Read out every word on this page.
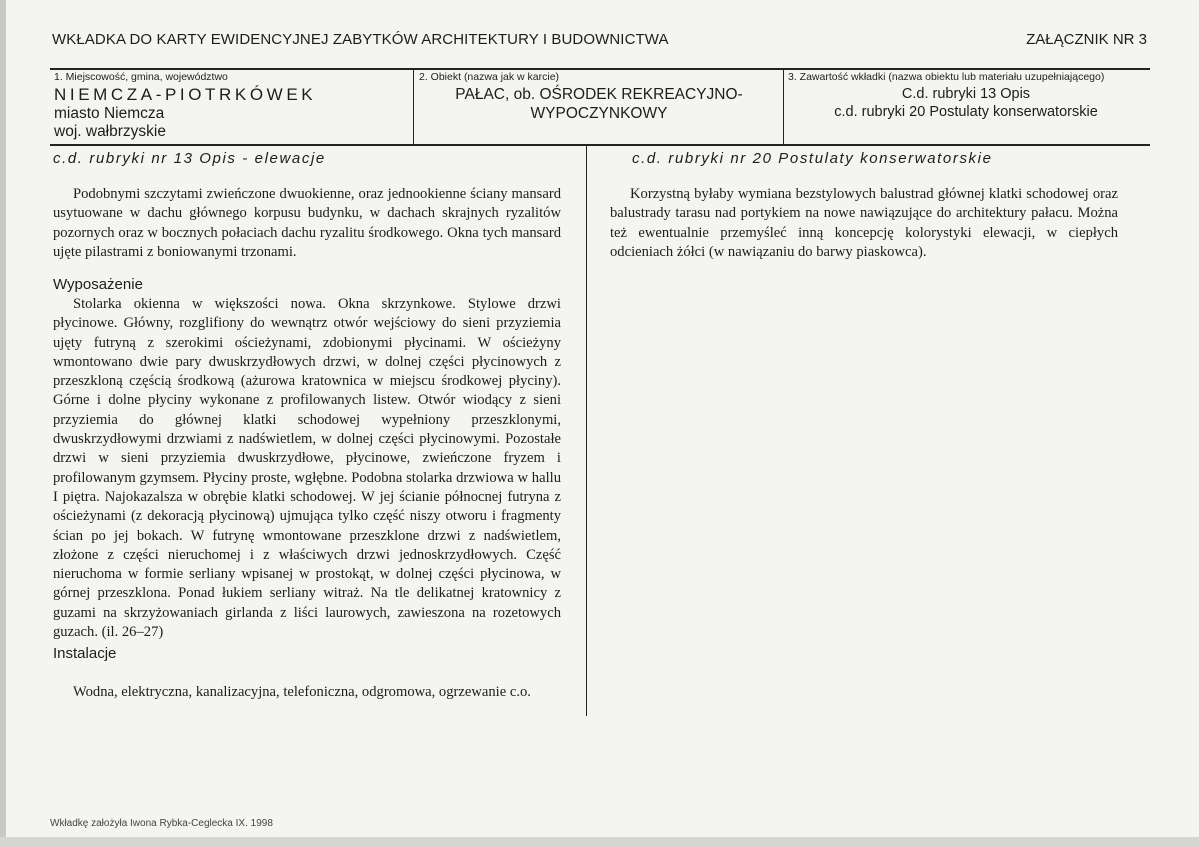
WKŁADKA DO KARTY EWIDENCYJNEJ ZABYTKÓW ARCHITEKTURY I BUDOWNICTWA	ZAŁĄCZNIK NR 3
1. Miejscowość, gmina, województwo
NIEMCZA-PIOTRKÓWEK
miasto Niemcza
woj. wałbrzyskie
2. Obiekt (nazwa jak w karcie)
PAŁAC, ob. OŚRODEK REKREACYJNO-
WYPOCZYNKOWY
3. Zawartość wkładki (nazwa obiektu lub materiału uzupełniającego)
C.d. rubryki 13 Opis
c.d. rubryki 20 Postulaty konserwatorskie
c.d. rubryki nr 13 Opis - elewacje

Podobnymi szczytami zwieńczone dwuokienne, oraz jednookienne ściany mansard usytuowane w dachu głównego korpusu budynku, w dachach skrajnych ryzalitów pozornych oraz w bocznych połaciach dachu ryzalitu środkowego. Okna tych mansard ujęte pilastrami z boniowanymi trzonami.

Wyposażenie

Stolarka okienna w większości nowa. Okna skrzynkowe. Stylowe drzwi płycinowe. Główny, rozglifiony do wewnątrz otwór wejściowy do sieni przyziemia ujęty futryną z szerokimi ościeżynami, zdobionymi płycinami. W ościeżyny wmontowano dwie pary dwuskrzydłowych drzwi, w dolnej części płycinowych z przeszkloną częścią środkową (ażurowa kratownica w miejscu środkowej płyciny). Górne i dolne płyciny wykonane z profilowanych listew. Otwór wiodący z sieni przyziemia do głównej klatki schodowej wypełniony przeszklonymi, dwuskrzydłowymi drzwiami z nadświetlem, w dolnej części płycinowymi. Pozostałe drzwi w sieni przyziemia dwuskrzydłowe, płycinowe, zwieńczone fryzem i profilowanym gzymsem. Płyciny proste, wgłębne. Podobna stolarka drzwiowa w hallu I piętra. Najokazalsza w obrębie klatki schodowej. W jej ścianie północnej futryna z ościeżynami (z dekoracją płycinową) ujmująca tylko część niszy otworu i fragmenty ścian po jej bokach. W futrynę wmontowane przeszklone drzwi z nadświetlem, złożone z części nieruchomej i z właściwych drzwi jednoskrzydłowych. Część nieruchoma w formie serliany wpisanej w prostokąt, w dolnej części płycinowa, w górnej przeszklona. Ponad łukiem serliany witraż. Na tle delikatnej kratownicy z guzami na skrzyżowaniach girlanda z liści laurowych, zawieszona na rozetowych guzach. (il. 26–27)

Instalacje

Wodna, elektryczna, kanalizacyjna, telefoniczna, odgromowa, ogrzewanie c.o.

c.d. rubryki nr 20 Postulaty konserwatorskie

Korzystną byłaby wymiana bezstylowych balustrad głównej klatki schodowej oraz balustrady tarasu nad portykiem na nowe nawiązujące do architektury pałacu. Można też ewentualnie przemyśleć inną koncepcję kolorystyki elewacji, w ciepłych odcieniach żółci (w nawiązaniu do barwy piaskowca).

Wkładkę założyła Iwona Rybka-Ceglecka IX. 1998
